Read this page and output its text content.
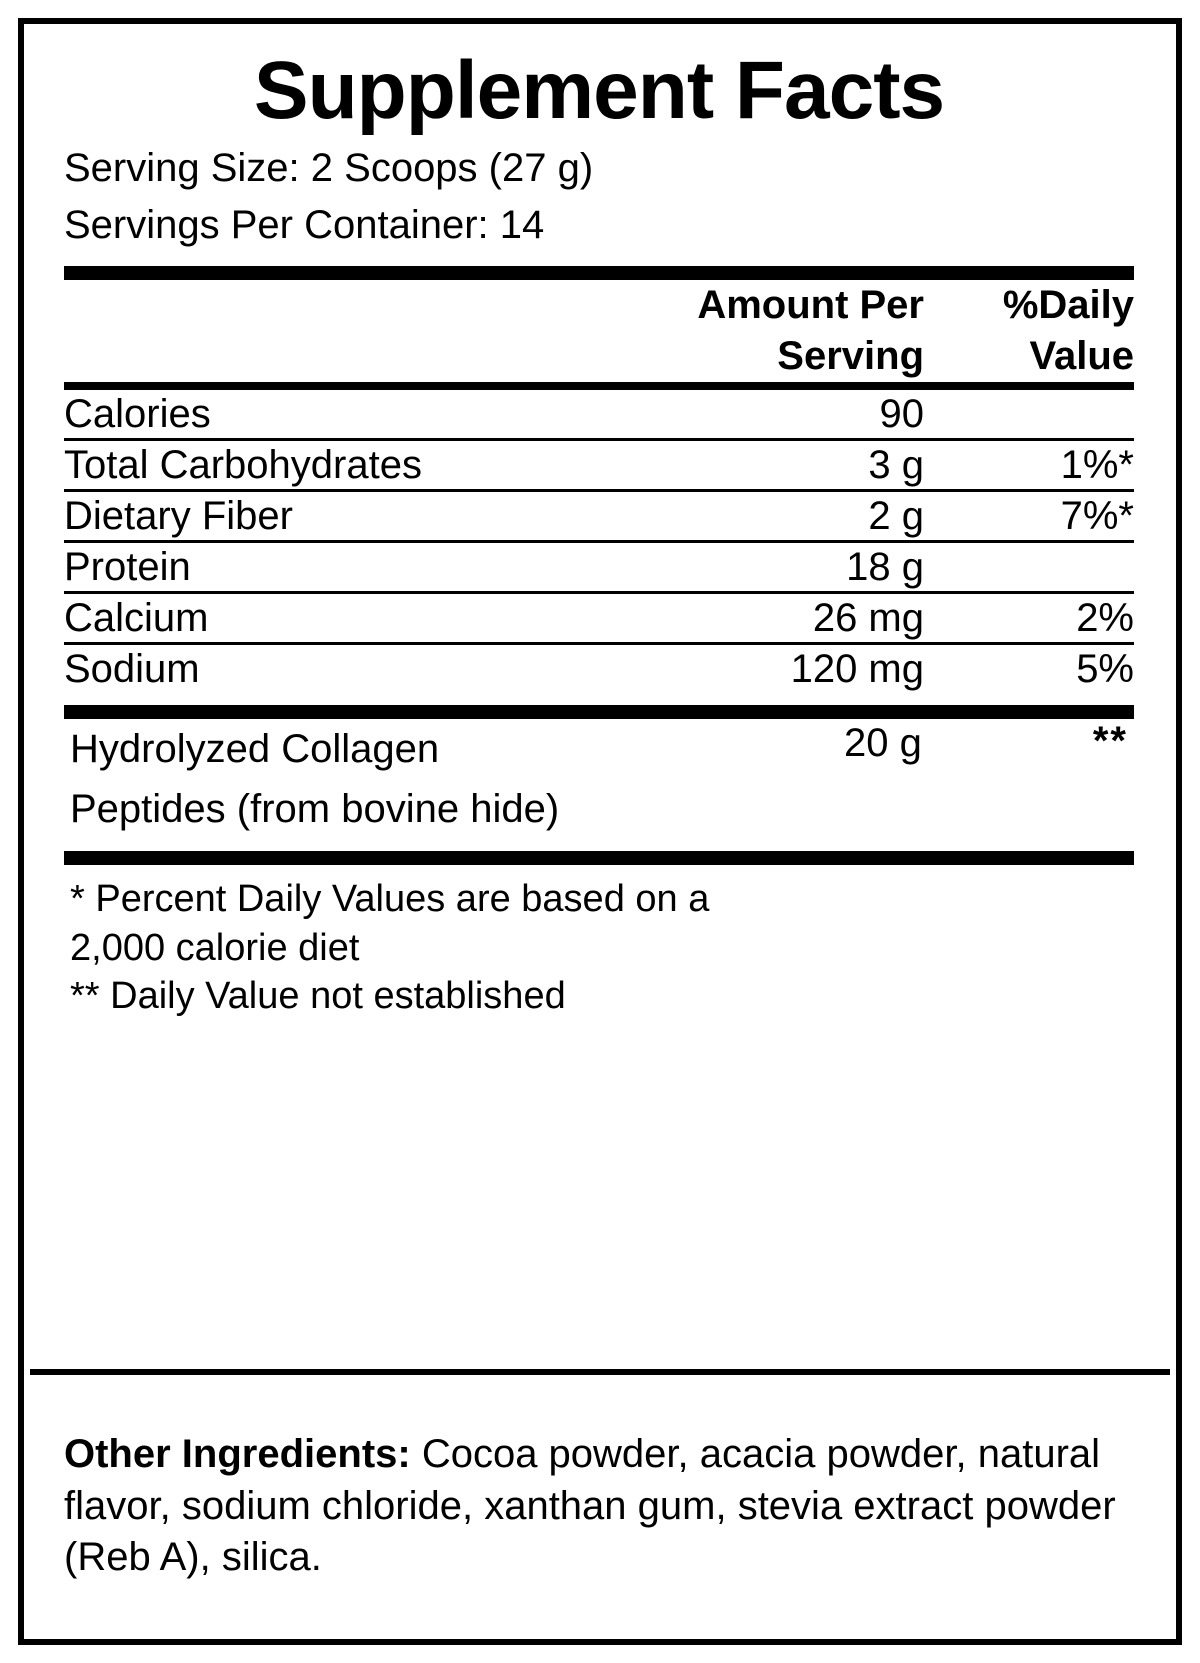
Supplement Facts

Serving Size: 2 Scoops (27 g)

Servings Per Container: 14

	Amount Per
Serving	%Daily
Value
Calories	90	

Total Carbohydrates	3 g	1%*

Dietary Fiber	2 g	7%*

Protein	18 g	

Calcium	26 mg	2%

Sodium	120 mg	5%
Hydrolyzed Collagen
Peptides (from bovine hide)
20 g	**
* Percent Daily Values are based on a
2,000 calorie diet
** Daily Value not established

Other Ingredients: Cocoa powder, acacia powder, natural flavor, sodium chloride, xanthan gum, stevia extract powder (Reb A), silica.
